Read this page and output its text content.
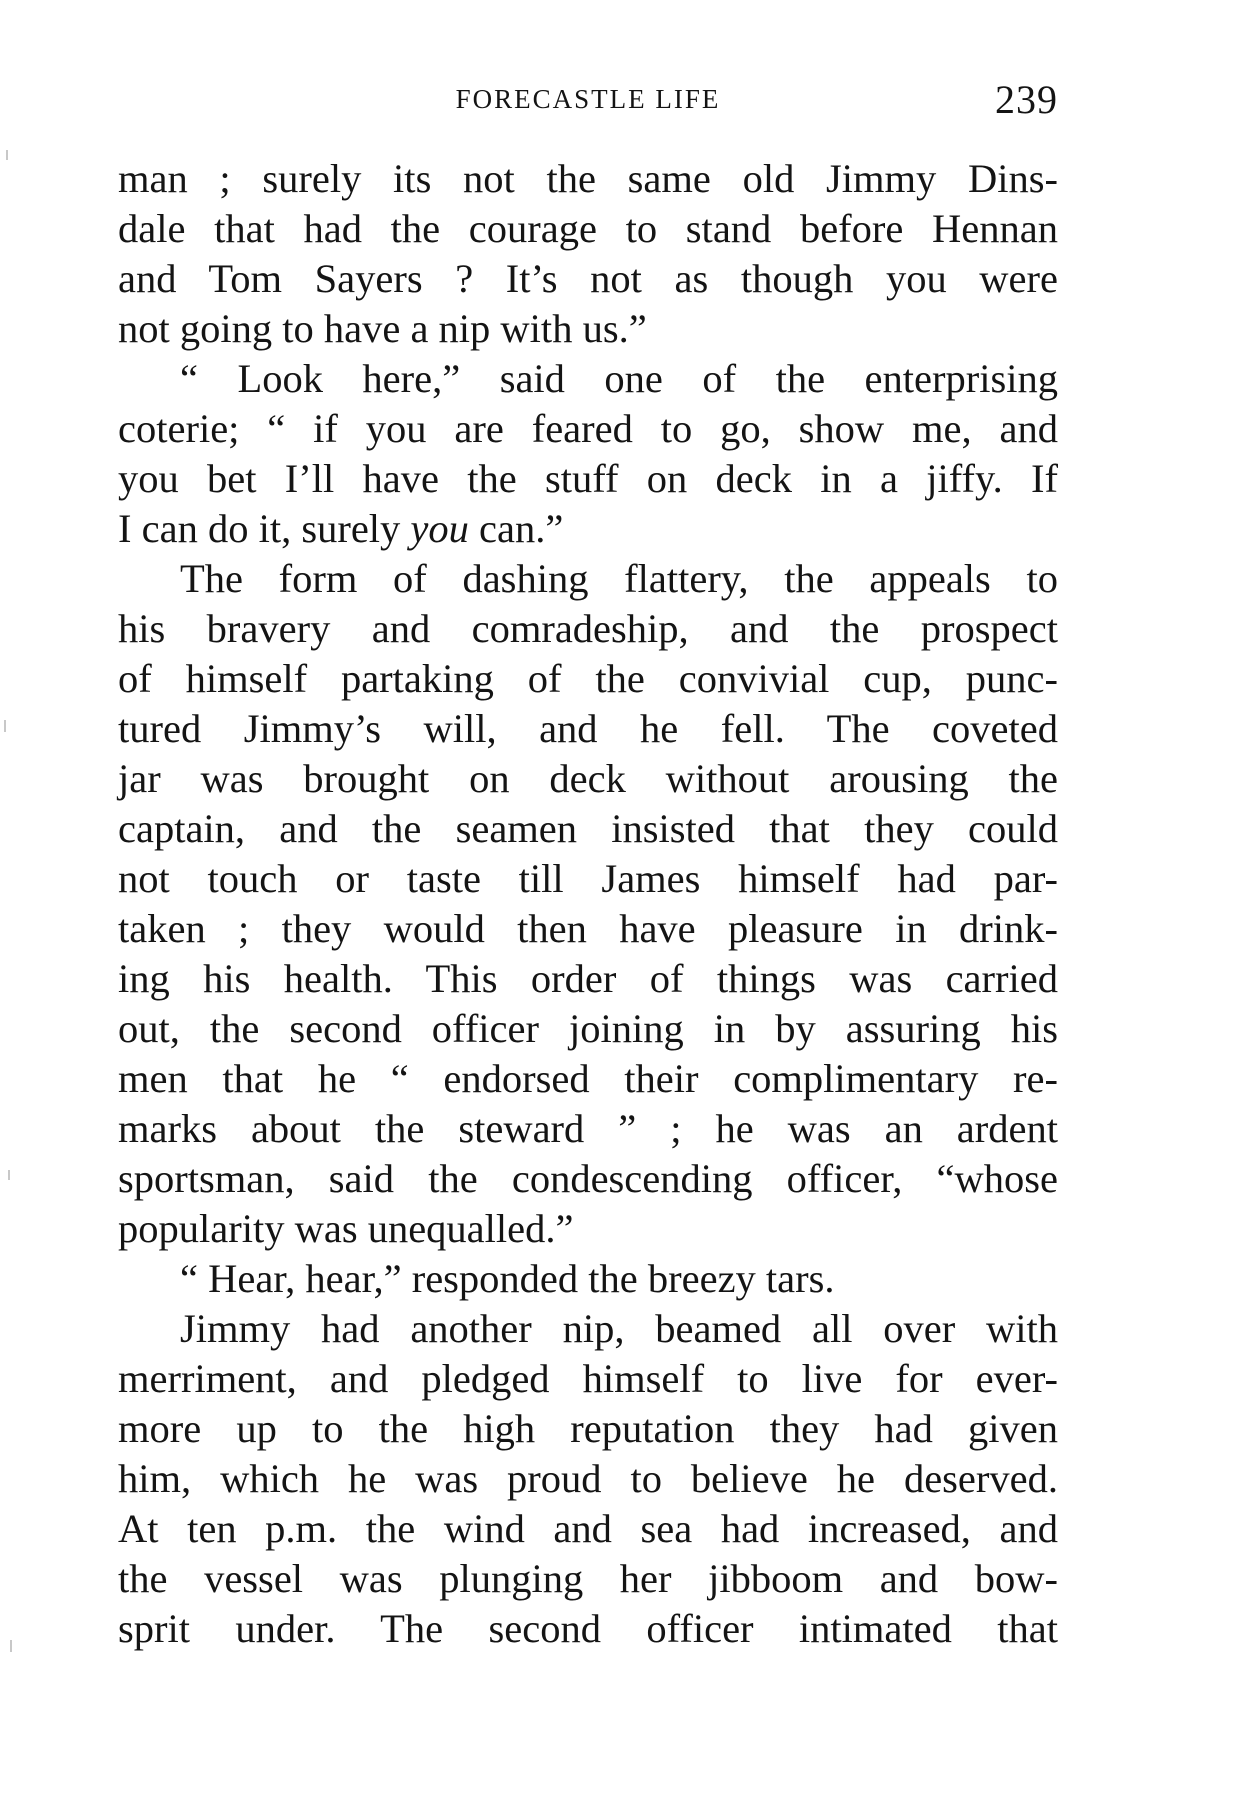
FORECASTLE LIFE	239
man ; surely its not the same old Jimmy Dins-
dale that had the courage to stand before Hennan
and Tom Sayers ? It’s not as though you were
not going to have a nip with us.”
“ Look here,” said one of the enterprising
coterie; “ if you are feared to go, show me, and
you bet I’ll have the stuff on deck in a jiffy. If
I can do it, surely you can.”
The form of dashing flattery, the appeals to
his bravery and comradeship, and the prospect
of himself partaking of the convivial cup, punc-
tured Jimmy’s will, and he fell. The coveted
jar was brought on deck without arousing the
captain, and the seamen insisted that they could
not touch or taste till James himself had par-
taken ; they would then have pleasure in drink-
ing his health. This order of things was carried
out, the second officer joining in by assuring his
men that he “ endorsed their complimentary re-
marks about the steward ” ; he was an ardent
sportsman, said the condescending officer, “whose
popularity was unequalled.”
“ Hear, hear,” responded the breezy tars.
Jimmy had another nip, beamed all over with
merriment, and pledged himself to live for ever-
more up to the high reputation they had given
him, which he was proud to believe he deserved.
At ten p.m. the wind and sea had increased, and
the vessel was plunging her jibboom and bow-
sprit under. The second officer intimated that
